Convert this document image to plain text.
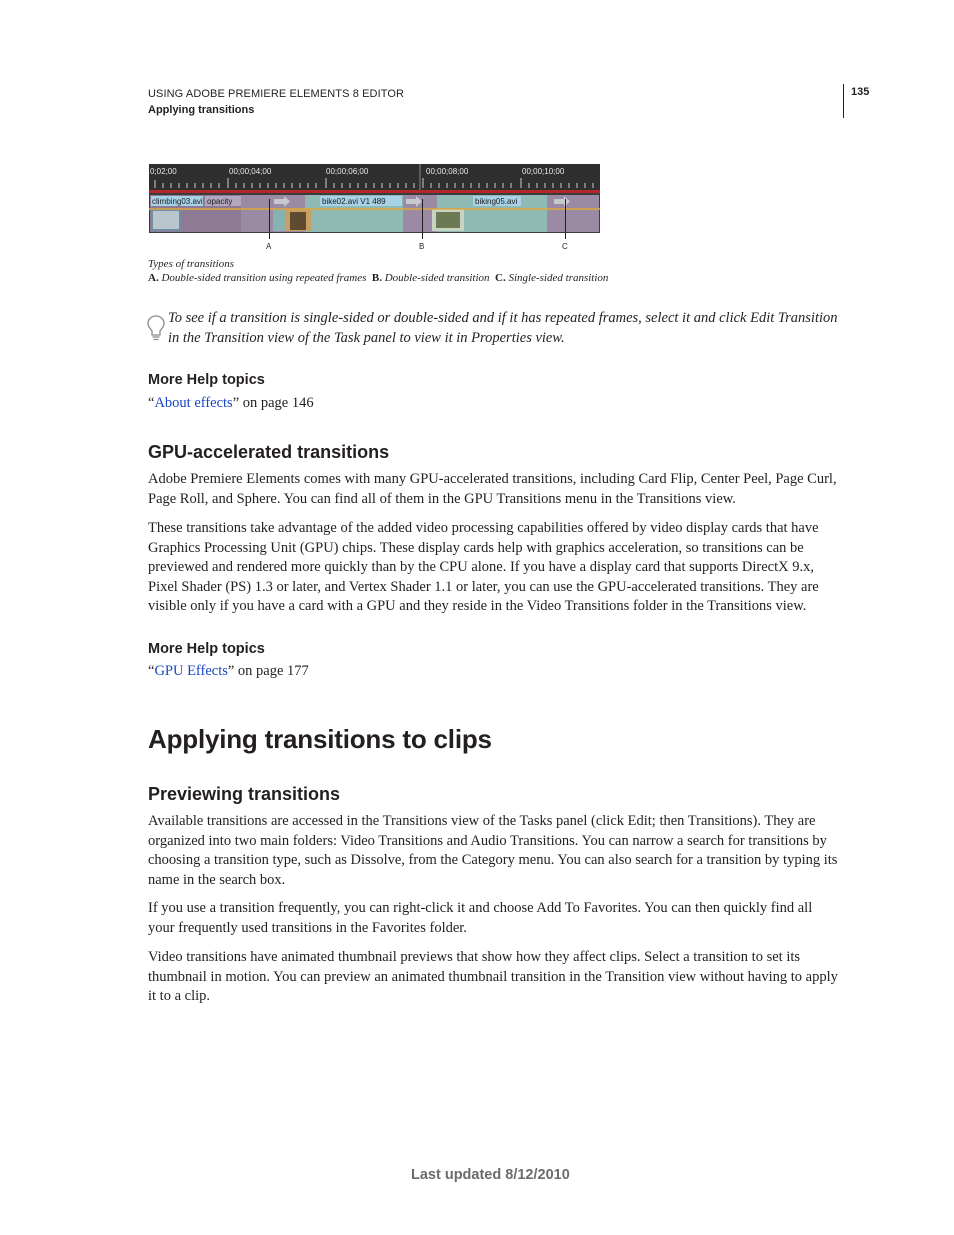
USING ADOBE PREMIERE ELEMENTS 8 EDITOR
Applying transitions
135
0;02;00	00;00;04;00	00;00;06;00	00;00;08;00	00;00;10;00
climbing03.avi opacity	bike02.avi V1 489	biking05.avi
A	B	C
Types of transitions
A. Double-sided transition using repeated frames B. Double-sided transition C. Single-sided transition
To see if a transition is single-sided or double-sided and if it has repeated frames, select it and click Edit Transition in the Transition view of the Task panel to view it in Properties view.
More Help topics
“About effects” on page 146
GPU-accelerated transitions
Adobe Premiere Elements comes with many GPU-accelerated transitions, including Card Flip, Center Peel, Page Curl, Page Roll, and Sphere. You can find all of them in the GPU Transitions menu in the Transitions view.
These transitions take advantage of the added video processing capabilities offered by video display cards that have Graphics Processing Unit (GPU) chips. These display cards help with graphics acceleration, so transitions can be previewed and rendered more quickly than by the CPU alone. If you have a display card that supports DirectX 9.x, Pixel Shader (PS) 1.3 or later, and Vertex Shader 1.1 or later, you can use the GPU-accelerated transitions. They are visible only if you have a card with a GPU and they reside in the Video Transitions folder in the Transitions view.
More Help topics
“GPU Effects” on page 177
Applying transitions to clips
Previewing transitions
Available transitions are accessed in the Transitions view of the Tasks panel (click Edit; then Transitions). They are organized into two main folders: Video Transitions and Audio Transitions. You can narrow a search for transitions by choosing a transition type, such as Dissolve, from the Category menu. You can also search for a transition by typing its name in the search box.
If you use a transition frequently, you can right-click it and choose Add To Favorites. You can then quickly find all your frequently used transitions in the Favorites folder.
Video transitions have animated thumbnail previews that show how they affect clips. Select a transition to set its thumbnail in motion. You can preview an animated thumbnail transition in the Transition view without having to apply it to a clip.
Last updated 8/12/2010
